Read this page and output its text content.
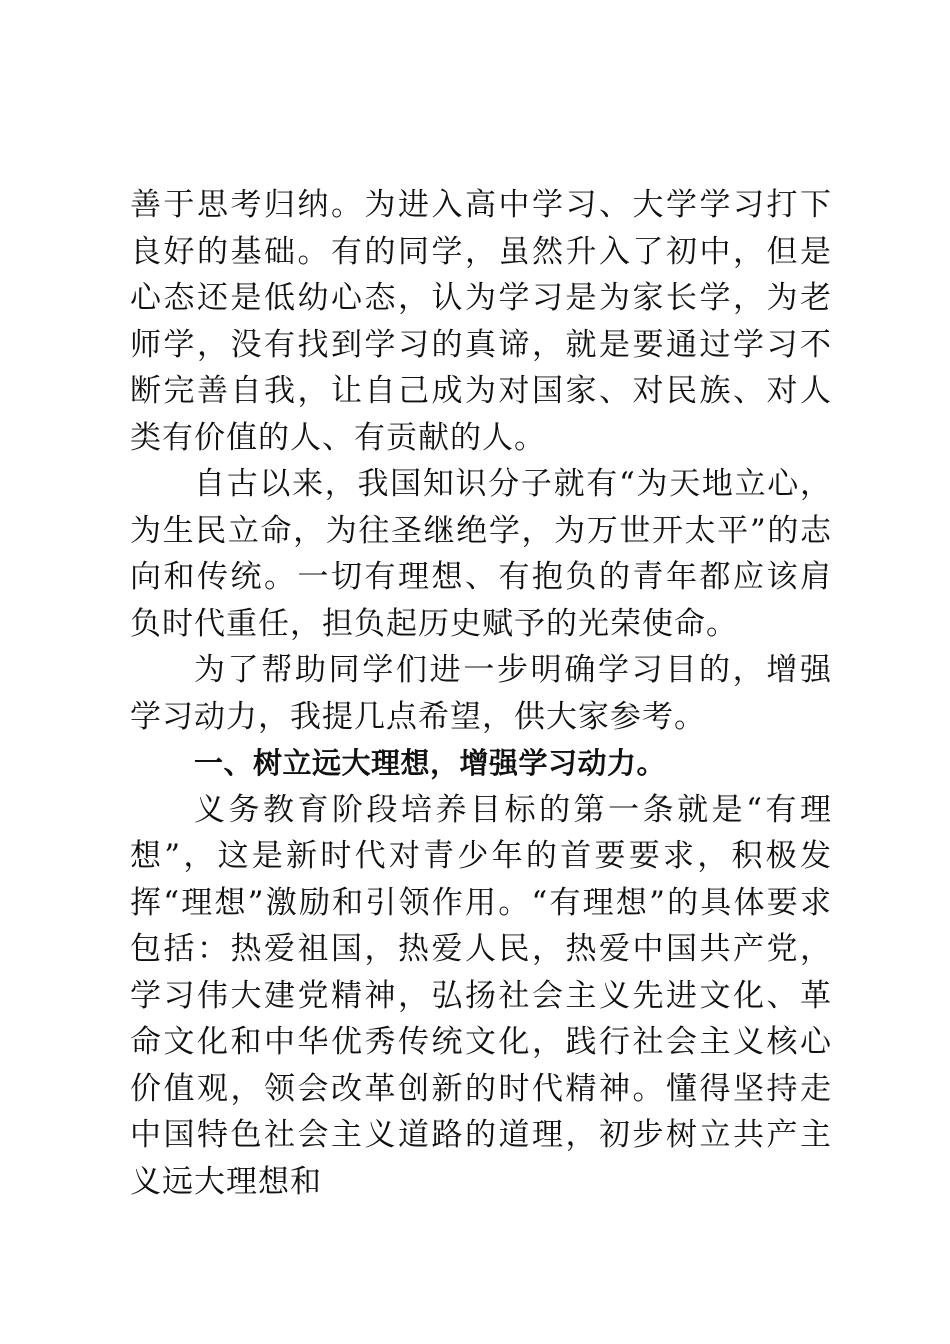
善于思考归纳。为进入高中学习、大学学习打下良好的基础。有的同学，虽然升入了初中，但是心态还是低幼心态，认为学习是为家长学，为老师学，没有找到学习的真谛，就是要通过学习不断完善自我，让自己成为对国家、对民族、对人类有价值的人、有贡献的人。

自古以来，我国知识分子就有“为天地立心，为生民立命，为往圣继绝学，为万世开太平”的志向和传统。一切有理想、有抱负的青年都应该肩负时代重任，担负起历史赋予的光荣使命。

为了帮助同学们进一步明确学习目的，增强学习动力，我提几点希望，供大家参考。

一、树立远大理想，增强学习动力。

义务教育阶段培养目标的第一条就是“有理想”，这是新时代对青少年的首要要求，积极发挥“理想”激励和引领作用。“有理想”的具体要求包括：热爱祖国，热爱人民，热爱中国共产党，学习伟大建党精神，弘扬社会主义先进文化、革命文化和中华优秀传统文化，践行社会主义核心价值观，领会改革创新的时代精神。懂得坚持走中国特色社会主义道路的道理，初步树立共产主义远大理想和
